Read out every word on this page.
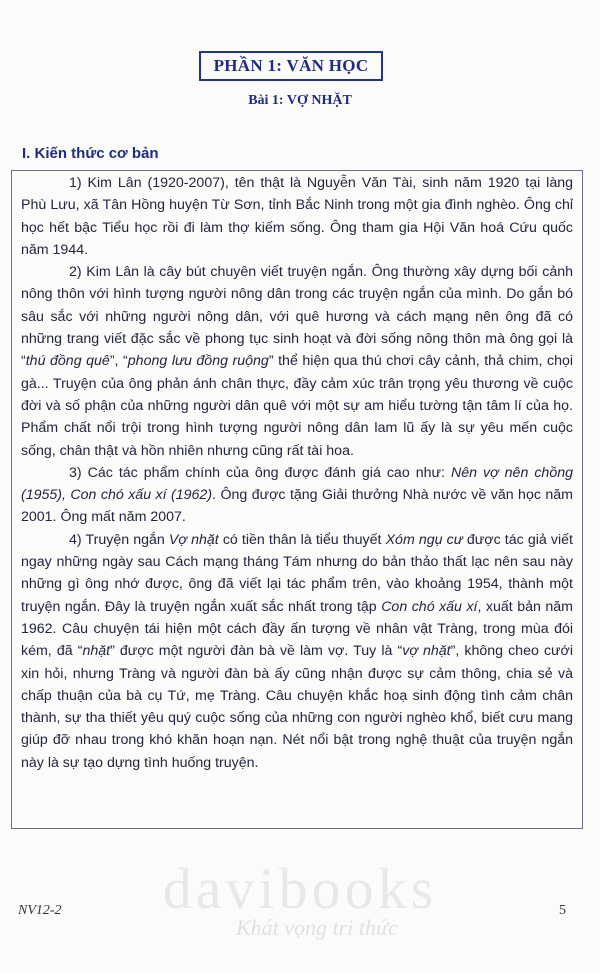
PHẦN 1: VĂN HỌC
Bài 1: VỢ NHẶT
I. Kiến thức cơ bản

1) Kim Lân (1920-2007), tên thật là Nguyễn Văn Tài, sinh năm 1920 tại làng Phù Lưu, xã Tân Hồng huyện Từ Sơn, tỉnh Bắc Ninh trong một gia đình nghèo. Ông chỉ học hết bậc Tiểu học rồi đi làm thợ kiếm sống. Ông tham gia Hội Văn hoá Cứu quốc năm 1944.

2) Kim Lân là cây bút chuyên viết truyện ngắn. Ông thường xây dựng bối cảnh nông thôn với hình tượng người nông dân trong các truyện ngắn của mình. Do gắn bó sâu sắc với những người nông dân, với quê hương và cách mạng nên ông đã có những trang viết đặc sắc về phong tục sinh hoạt và đời sống nông thôn mà ông gọi là “thú đồng quê”, “phong lưu đồng ruộng” thể hiện qua thú chơi cây cảnh, thả chim, chọi gà... Truyện của ông phản ánh chân thực, đầy cảm xúc trân trọng yêu thương về cuộc đời và số phận của những người dân quê với một sự am hiểu tường tận tâm lí của họ. Phẩm chất nổi trội trong hình tượng người nông dân lam lũ ấy là sự yêu mến cuộc sống, chân thật và hồn nhiên nhưng cũng rất tài hoa.

3) Các tác phẩm chính của ông được đánh giá cao như: Nên vợ nên chồng (1955), Con chó xấu xí (1962). Ông được tặng Giải thưởng Nhà nước về văn học năm 2001. Ông mất năm 2007.

4) Truyện ngắn Vợ nhặt có tiền thân là tiểu thuyết Xóm ngụ cư được tác giả viết ngay những ngày sau Cách mạng tháng Tám nhưng do bản thảo thất lạc nên sau này những gì ông nhớ được, ông đã viết lại tác phẩm trên, vào khoảng 1954, thành một truyện ngắn. Đây là truyện ngắn xuất sắc nhất trong tập Con chó xấu xí, xuất bản năm 1962. Câu chuyện tái hiện một cách đầy ấn tượng về nhân vật Tràng, trong mùa đói kém, đã “nhặt” được một người đàn bà về làm vợ. Tuy là “vợ nhặt”, không cheo cưới xin hỏi, nhưng Tràng và người đàn bà ấy cũng nhận được sự cảm thông, chia sẻ và chấp thuận của bà cụ Tứ, mẹ Tràng. Câu chuyện khắc hoạ sinh động tình cảm chân thành, sự tha thiết yêu quý cuộc sống của những con người nghèo khổ, biết cưu mang giúp đỡ nhau trong khó khăn hoạn nạn. Nét nổi bật trong nghệ thuật của truyện ngắn này là sự tạo dựng tình huống truyện.

davibooks
Khát vọng tri thức
NV12-2	5
